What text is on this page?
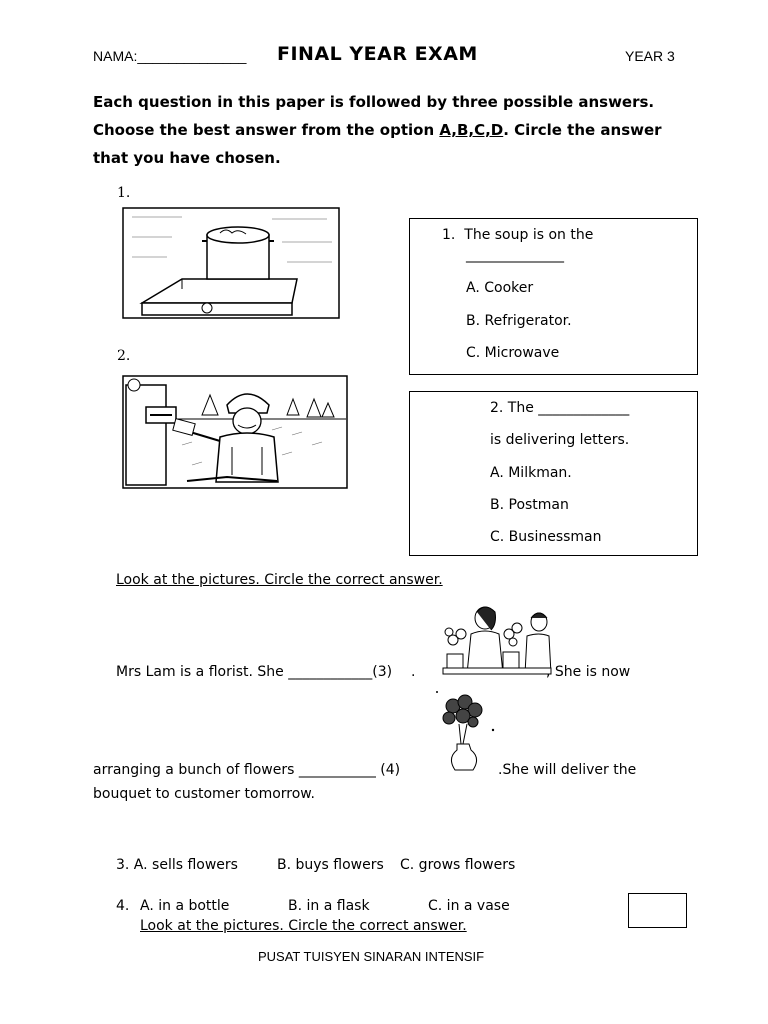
NAMA:______________ FINAL YEAR EXAM	YEAR 3
Each question in this paper is followed by three possible answers.
Choose the best answer from the option A,B,C,D. Circle the answer
that you have chosen.
1.
1. The soup is on the
______________
A. Cooker
B. Refrigerator.
C. Microwave
2.
2. The _____________
is delivering letters.
A. Milkman.
B. Postman
C. Businessman
Look at the pictures. Circle the correct answer.
Mrs Lam is a florist. She ____________(3) .	, She is now
arranging a bunch of flowers ___________ (4)	.She will deliver the
bouquet to customer tomorrow.
3. A. sells flowers	B. buys flowers C. grows flowers
4. A. in a bottle	B. in a flask	C. in a vase
Look at the pictures. Circle the correct answer.
PUSAT TUISYEN SINARAN INTENSIF
